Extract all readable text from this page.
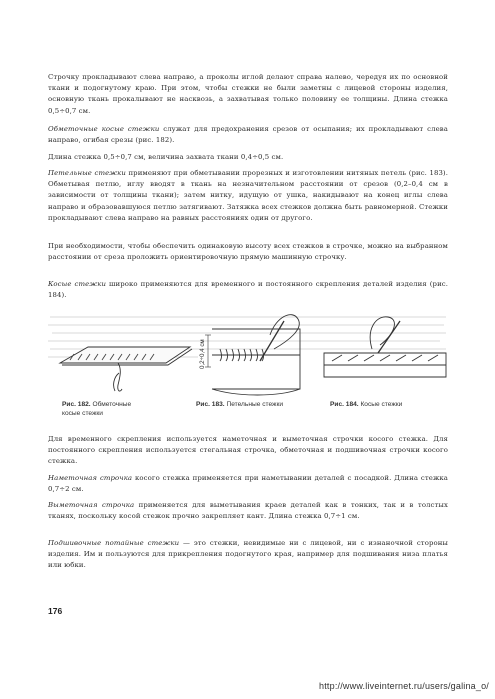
Строчку прокладывают слева направо, а проколы иглой делают справа налево, чередуя их по основной ткани и подогнутому краю. При этом, чтобы стежки не были заметны с лицевой стороны изделия, основную ткань прокалывают не насквозь, а захватывая только половину ее толщины. Длина стежка 0,5÷0,7 см.

Обметочные косые стежки служат для предохранения срезов от осыпания; их прокладывают слева направо, огибая срезы (рис. 182).

Длина стежка 0,5÷0,7 см, величина захвата ткани 0,4÷0,5 см.

Петельные стежки применяют при обметывании прорезных и изготовлении нитяных петель (рис. 183). Обметывая петлю, иглу вводят в ткань на незначительном расстоянии от срезов (0,2–0,4 см в зависимости от толщины ткани); затем нитку, идущую от ушка, накидывают на конец иглы слева направо и образовавшуюся петлю затягивают. Затяжка всех стежков должна быть равномерной. Стежки прокладывают слева направо на равных расстояниях один от другого.

При необходимости, чтобы обеспечить одинаковую высоту всех стежков в строчке, можно на выбранном расстоянии от среза проложить ориентировочную прямую машинную строчку.

Косые стежки широко применяются для временного и постоянного скрепления деталей изделия (рис. 184).

0,2÷0,4 см
Рис. 182. Обметочные
косые стежки
Рис. 183. Петельные стежки	Рис. 184. Косые стежки

Для временного скрепления используется наметочная и выметочная строчки косого стежка. Для постоянного скрепления используется стегальная строчка, обметочная и подшивочная строчки косого стежка.

Наметочная строчка косого стежка применяется при наметывании деталей с посадкой. Длина стежка 0,7÷2 см.

Выметочная строчка применяется для выметывания краев деталей как в тонких, так и в толстых тканях, поскольку косой стежок прочно закрепляет кант. Длина стежка 0,7÷1 см.

Подшивочные потайные стежки — это стежки, невидимые ни с лицевой, ни с изнаночной стороны изделия. Им и пользуются для прикрепления подогнутого края, например для подшивания низа платья или юбки.

176
http://www.liveinternet.ru/users/galina_o/
